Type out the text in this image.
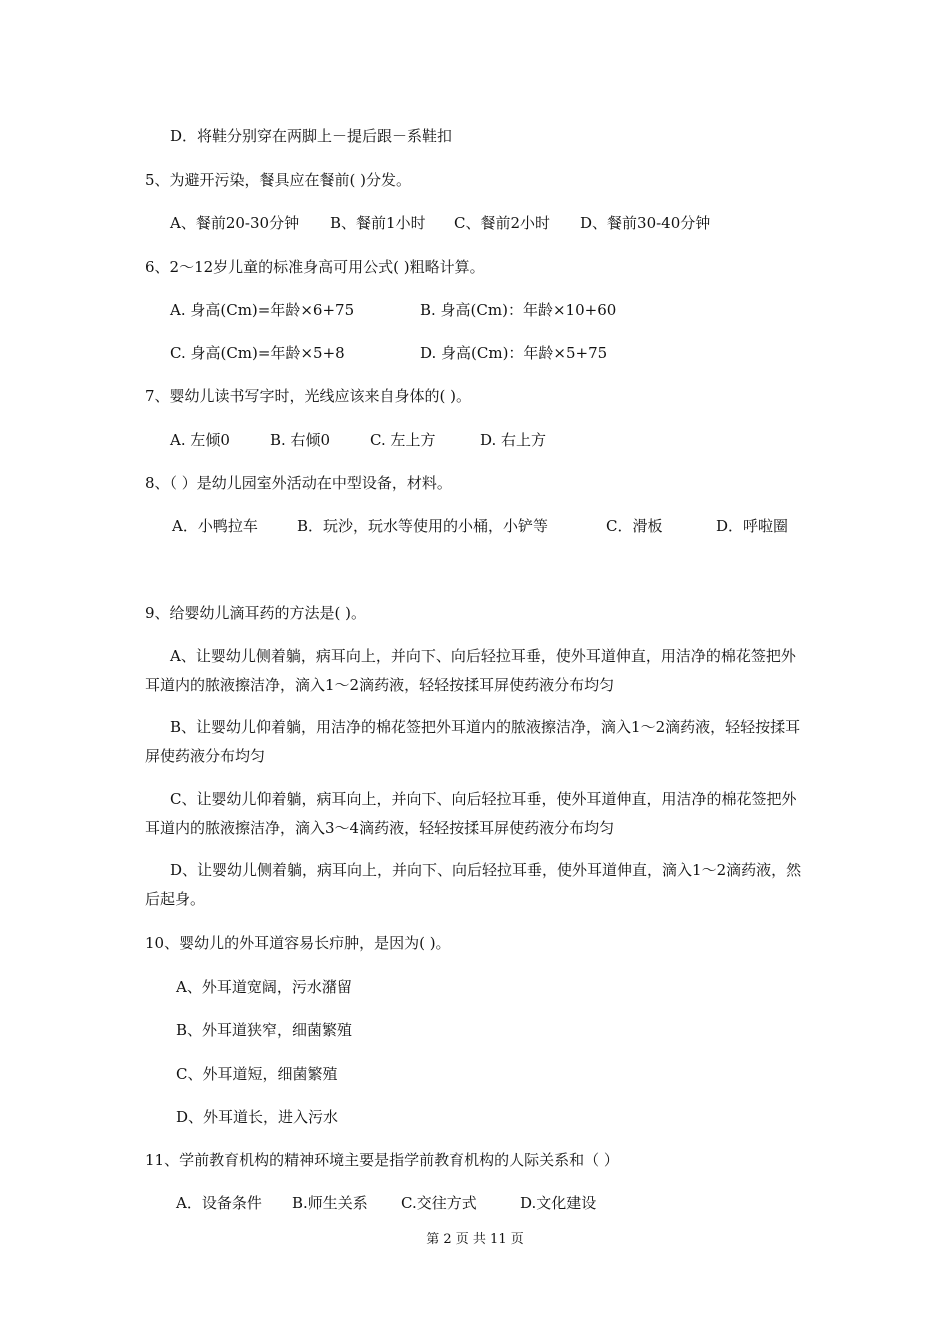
D．将鞋分别穿在两脚上－提后跟－系鞋扣
5、为避开污染，餐具应在餐前( )分发。
A、餐前20-30分钟 B、餐前1小时 C、餐前2小时 D、餐前30-40分钟
6、2～12岁儿童的标准身高可用公式( )粗略计算。
A. 身高(Cm)=年龄×6+75	B. 身高(Cm)：年龄×10+60
C. 身高(Cm)=年龄×5+8	D. 身高(Cm)：年龄×5+75
7、婴幼儿读书写字时，光线应该来自身体的( )。
A. 左倾0	B. 右倾0	C. 左上方	D. 右上方
8、（ ）是幼儿园室外活动在中型设备，材料。
A．小鸭拉车	B．玩沙，玩水等使用的小桶，小铲等	C．滑板	D．呼啦圈
9、给婴幼儿滴耳药的方法是( )。
A、让婴幼儿侧着躺，病耳向上，并向下、向后轻拉耳垂，使外耳道伸直，用洁净的棉花签把外耳道内的脓液擦洁净，滴入1～2滴药液，轻轻按揉耳屏使药液分布均匀
B、让婴幼儿仰着躺，用洁净的棉花签把外耳道内的脓液擦洁净，滴入1～2滴药液，轻轻按揉耳屏使药液分布均匀
C、让婴幼儿仰着躺，病耳向上，并向下、向后轻拉耳垂，使外耳道伸直，用洁净的棉花签把外耳道内的脓液擦洁净，滴入3～4滴药液，轻轻按揉耳屏使药液分布均匀
D、让婴幼儿侧着躺，病耳向上，并向下、向后轻拉耳垂，使外耳道伸直，滴入1～2滴药液，然后起身。
10、婴幼儿的外耳道容易长疖肿，是因为( )。
A、外耳道宽阔，污水潴留
B、外耳道狭窄，细菌繁殖
C、外耳道短，细菌繁殖
D、外耳道长，进入污水
11、学前教育机构的精神环境主要是指学前教育机构的人际关系和（ ）
A．设备条件 B.师生关系 C.交往方式	D.文化建设
第 2 页 共 11 页
